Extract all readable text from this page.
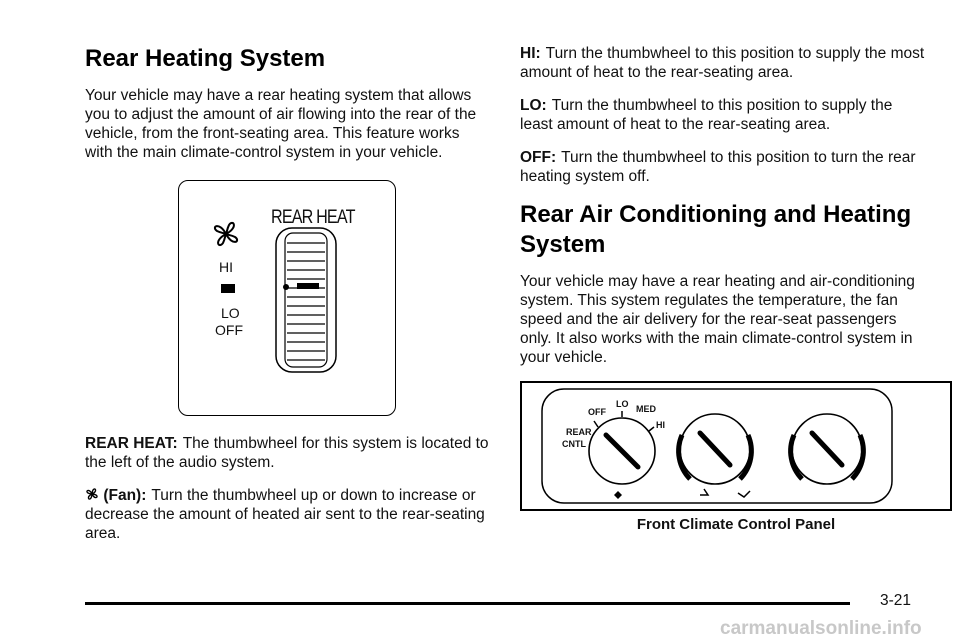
Rear Heating System

Your vehicle may have a rear heating system that allows you to adjust the amount of air flowing into the rear of the vehicle, from the front-seating area. This feature works with the main climate-control system in your vehicle.

REAR HEAT
HI
LO
OFF

REAR HEAT: The thumbwheel for this system is located to the left of the audio system.

(Fan): Turn the thumbwheel up or down to increase or decrease the amount of heated air sent to the rear-seating area.

HI: Turn the thumbwheel to this position to supply the most amount of heat to the rear-seating area.

LO: Turn the thumbwheel to this position to supply the least amount of heat to the rear-seating area.

OFF: Turn the thumbwheel to this position to turn the rear heating system off.

Rear Air Conditioning and Heating System

Your vehicle may have a rear heating and air-conditioning system. This system regulates the temperature, the fan speed and the air delivery for the rear-seat passengers only. It also works with the main climate-control system in your vehicle.

OFF
LO MED
HI
REAR
CNTL
Front Climate Control Panel
3-21
carmanualsonline.info
